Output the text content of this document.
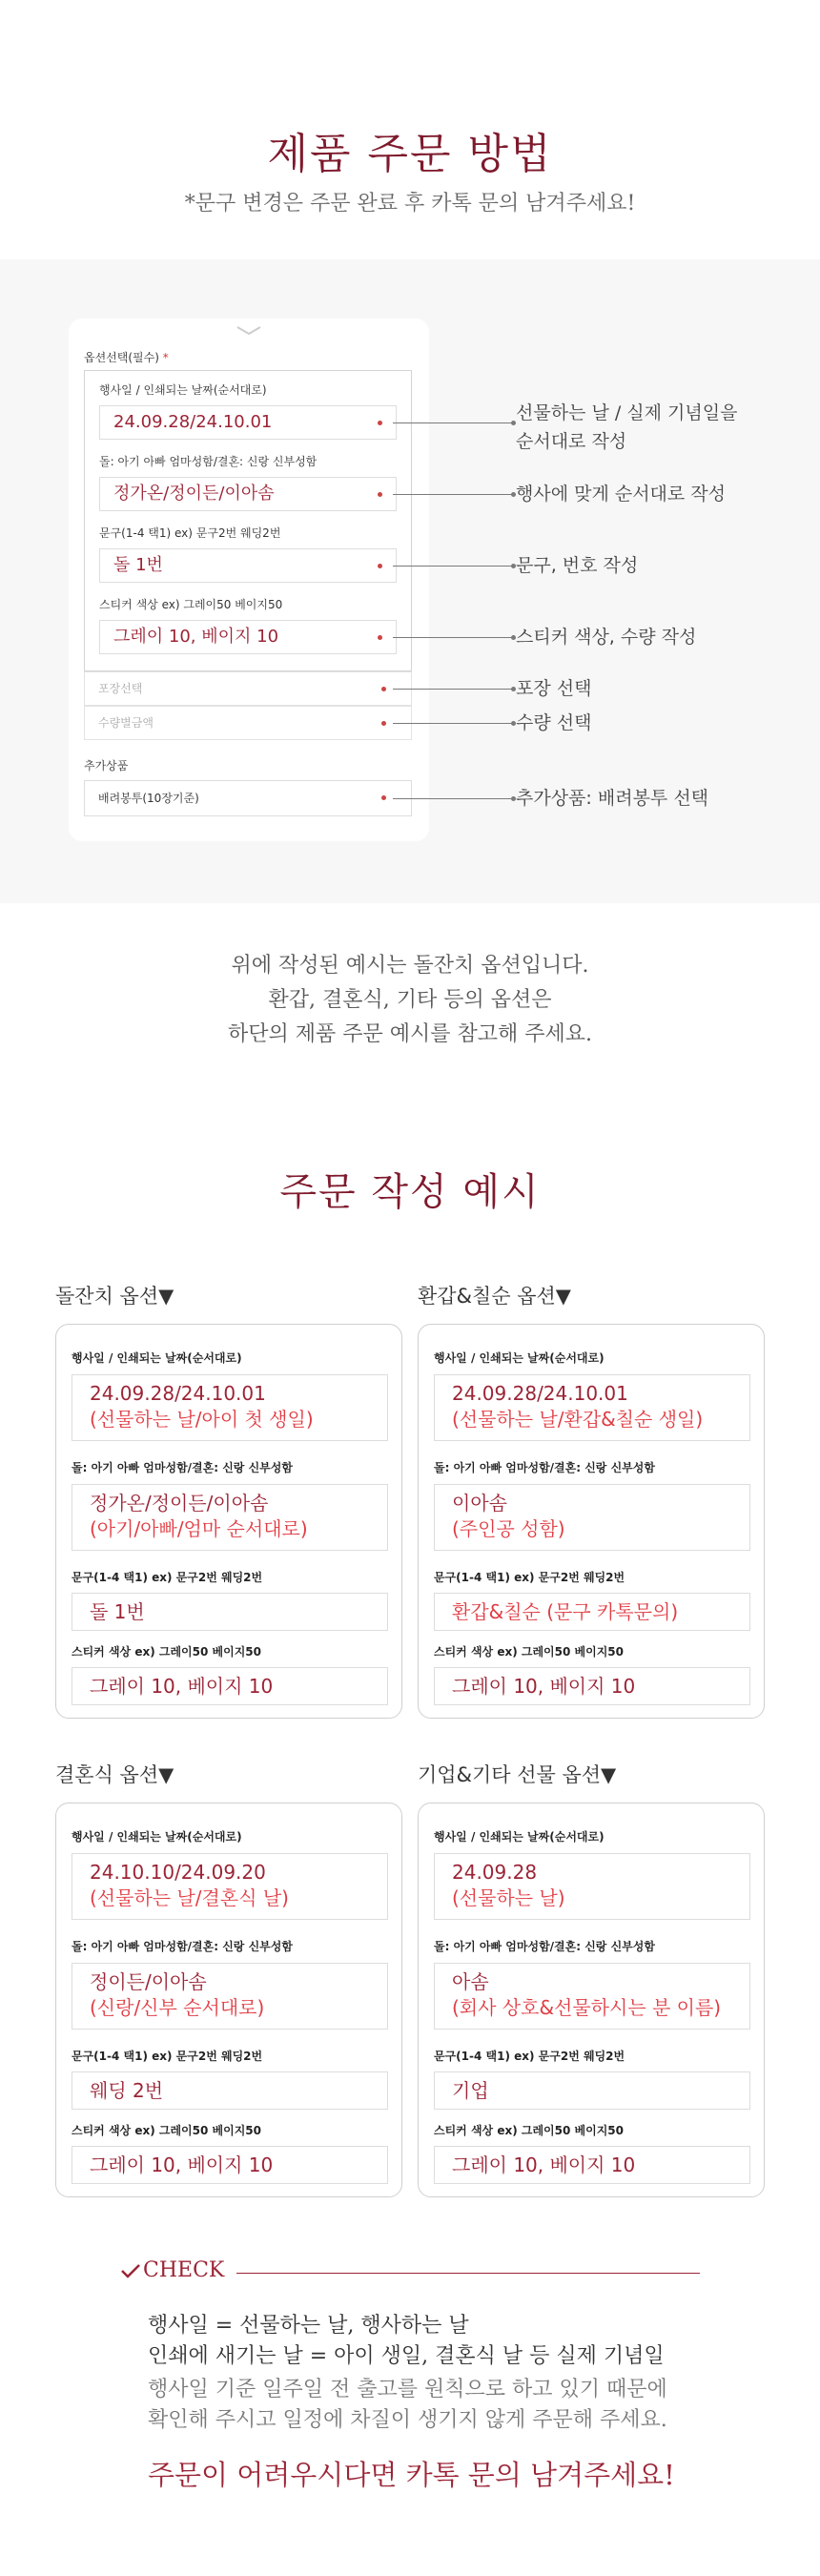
제품 주문 방법
*문구 변경은 주문 완료 후 카톡 문의 남겨주세요!
옵션선택(필수) *
행사일 / 인쇄되는 날짜(순서대로)
24.09.28/24.10.01
돌: 아기 아빠 엄마성함/결혼: 신랑 신부성함
정가온/정이든/이아솜
문구(1-4 택1) ex) 문구2번 웨딩2번
돌 1번
스티커 색상 ex) 그레이50 베이지50
그레이 10, 베이지 10
포장선택
수량별금액
추가상품
배려봉투(10장기준)
선물하는 날 / 실제 기념일을
순서대로 작성
행사에 맞게 순서대로 작성
문구, 번호 작성
스티커 색상, 수량 작성
포장 선택
수량 선택
추가상품: 배려봉투 선택
위에 작성된 예시는 돌잔치 옵션입니다.
환갑, 결혼식, 기타 등의 옵션은
하단의 제품 주문 예시를 참고해 주세요.
주문 작성 예시
돌잔치 옵션▼
행사일 / 인쇄되는 날짜(순서대로)
24.09.28/24.10.01
(선물하는 날/아이 첫 생일)
돌: 아기 아빠 엄마성함/결혼: 신랑 신부성함
정가온/정이든/이아솜
(아기/아빠/엄마 순서대로)
문구(1-4 택1) ex) 문구2번 웨딩2번
돌 1번
스티커 색상 ex) 그레이50 베이지50
그레이 10, 베이지 10
환갑&칠순 옵션▼
행사일 / 인쇄되는 날짜(순서대로)
24.09.28/24.10.01
(선물하는 날/환갑&칠순 생일)
돌: 아기 아빠 엄마성함/결혼: 신랑 신부성함
이아솜
(주인공 성함)
문구(1-4 택1) ex) 문구2번 웨딩2번
환갑&칠순 (문구 카톡문의)
스티커 색상 ex) 그레이50 베이지50
그레이 10, 베이지 10
결혼식 옵션▼
행사일 / 인쇄되는 날짜(순서대로)
24.10.10/24.09.20
(선물하는 날/결혼식 날)
돌: 아기 아빠 엄마성함/결혼: 신랑 신부성함
정이든/이아솜
(신랑/신부 순서대로)
문구(1-4 택1) ex) 문구2번 웨딩2번
웨딩 2번
스티커 색상 ex) 그레이50 베이지50
그레이 10, 베이지 10
기업&기타 선물 옵션▼
행사일 / 인쇄되는 날짜(순서대로)
24.09.28
(선물하는 날)
돌: 아기 아빠 엄마성함/결혼: 신랑 신부성함
아솜
(회사 상호&선물하시는 분 이름)
문구(1-4 택1) ex) 문구2번 웨딩2번
기업
스티커 색상 ex) 그레이50 베이지50
그레이 10, 베이지 10
CHECK
행사일 = 선물하는 날, 행사하는 날
인쇄에 새기는 날 = 아이 생일, 결혼식 날 등 실제 기념일
행사일 기준 일주일 전 출고를 원칙으로 하고 있기 때문에
확인해 주시고 일정에 차질이 생기지 않게 주문해 주세요.
주문이 어려우시다면 카톡 문의 남겨주세요!
